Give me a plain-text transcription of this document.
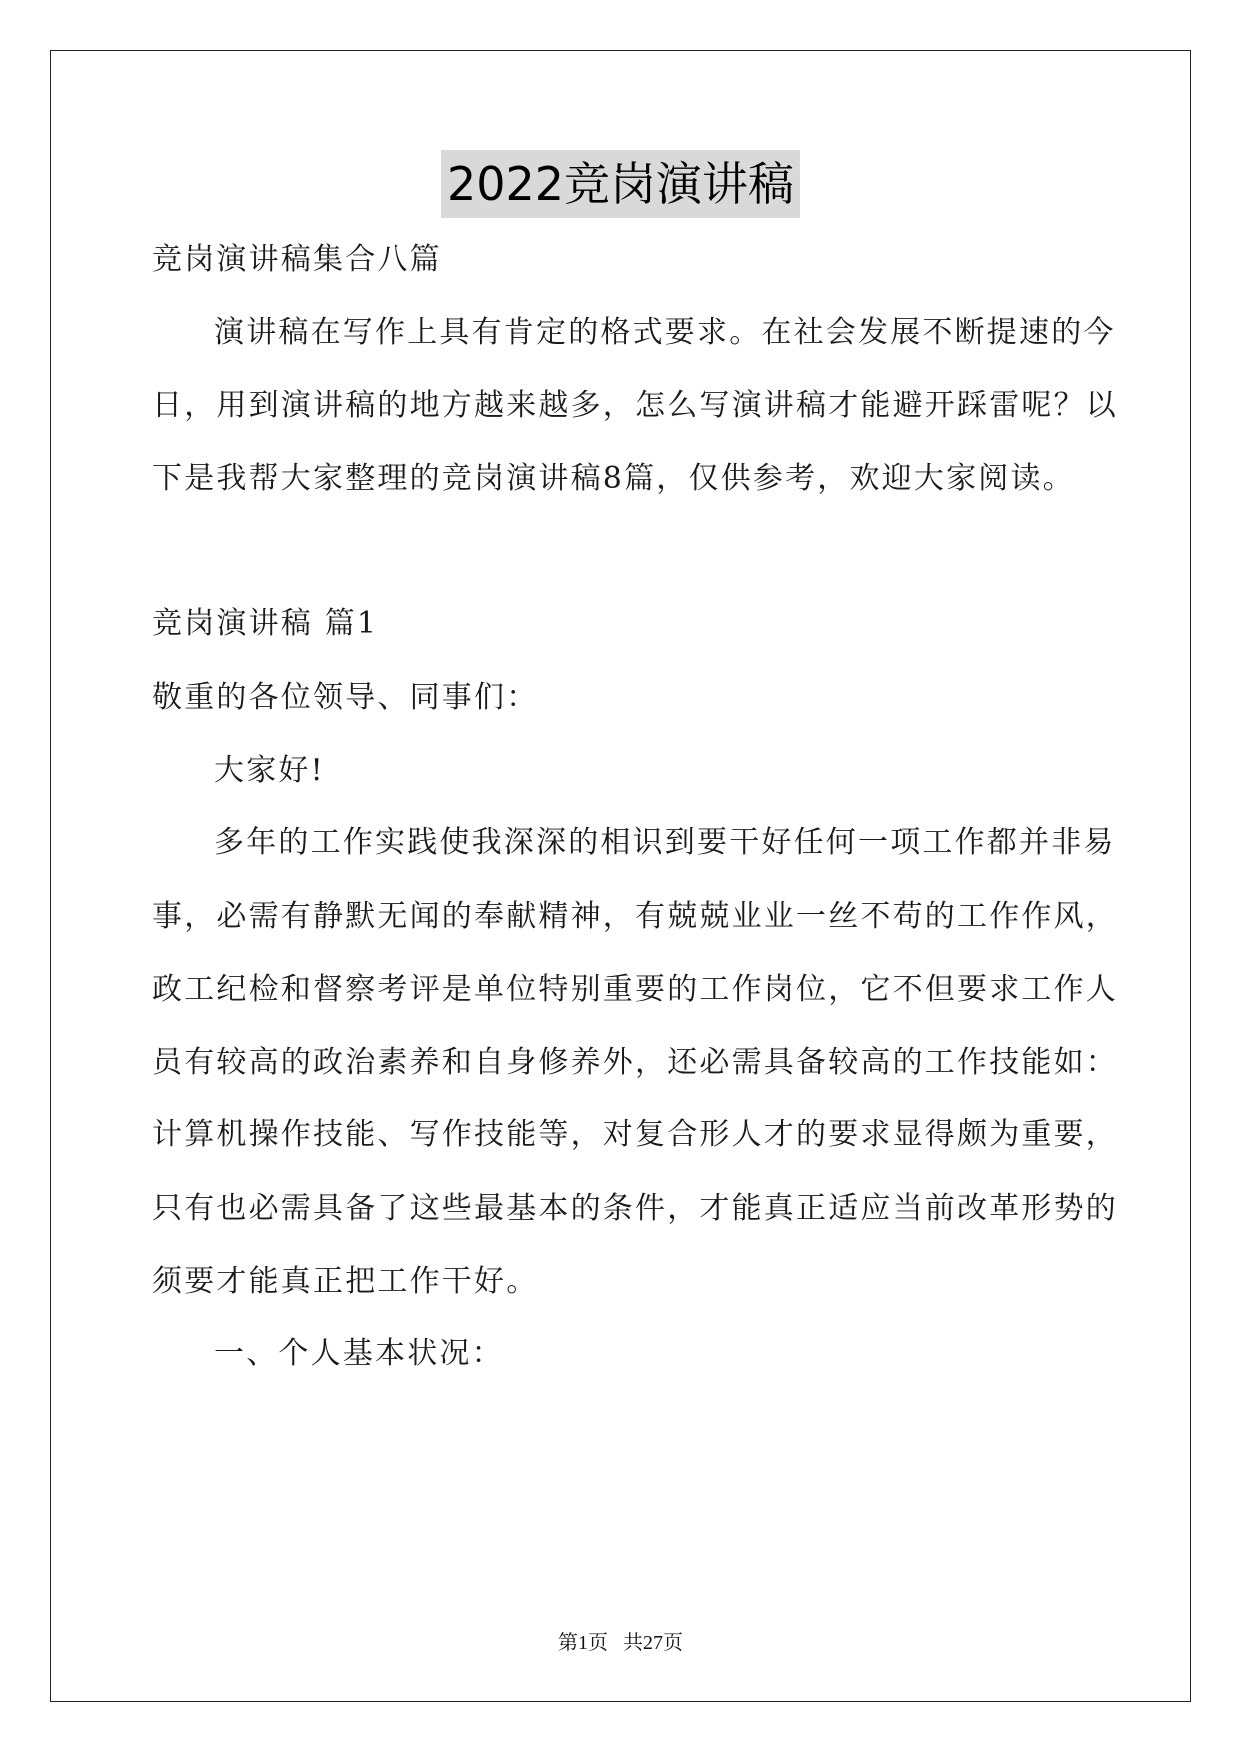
2022竞岗演讲稿
竞岗演讲稿集合八篇
演讲稿在写作上具有肯定的格式要求。在社会发展不断提速的今
日，用到演讲稿的地方越来越多，怎么写演讲稿才能避开踩雷呢？以
下是我帮大家整理的竞岗演讲稿8篇，仅供参考，欢迎大家阅读。
竞岗演讲稿 篇1
敬重的各位领导、同事们：
大家好!
多年的工作实践使我深深的相识到要干好任何一项工作都并非易
事，必需有静默无闻的奉献精神，有兢兢业业一丝不苟的工作作风，
政工纪检和督察考评是单位特别重要的工作岗位，它不但要求工作人
员有较高的政治素养和自身修养外，还必需具备较高的工作技能如：
计算机操作技能、写作技能等，对复合形人才的要求显得颇为重要，
只有也必需具备了这些最基本的条件，才能真正适应当前改革形势的
须要才能真正把工作干好。
一、个人基本状况：
第1页   共27页
